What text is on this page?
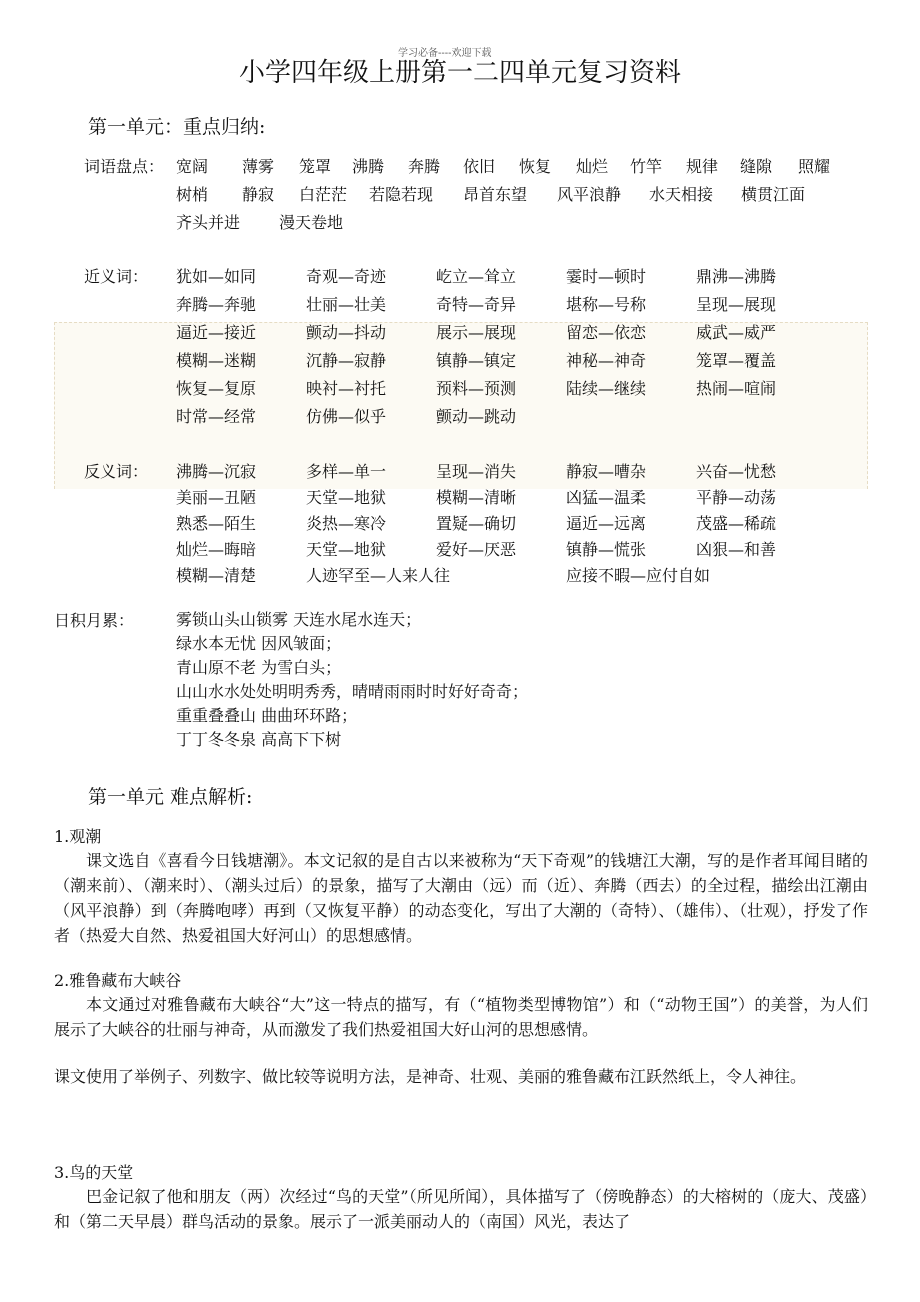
学习必备----欢迎下载
小学四年级上册第一二四单元复习资料
第一单元：重点归纳:
词语盘点： 宽阔	薄雾	笼罩	沸腾	奔腾	依旧	恢复	灿烂	竹竿	规律	缝隙	照耀
树梢	静寂	白茫茫	若隐若现	昂首东望	风平浪静	水天相接	横贯江面
齐头并进	漫天卷地
近义词： 犹如—如同	奇观—奇迹	屹立—耸立	霎时—顿时	鼎沸—沸腾
奔腾—奔驰	壮丽—壮美	奇特—奇异	堪称—号称	呈现—展现
逼近—接近	颤动—抖动	展示—展现	留恋—依恋	威武—威严
模糊—迷糊	沉静—寂静	镇静—镇定	神秘—神奇	笼罩—覆盖
恢复—复原	映衬—衬托	预料—预测	陆续—继续	热闹—喧闹
时常—经常	仿佛—似乎	颤动—跳动
反义词： 沸腾—沉寂	多样—单一	呈现—消失	静寂—嘈杂	兴奋—忧愁
美丽—丑陋	天堂—地狱	模糊—清晰	凶猛—温柔	平静—动荡
熟悉—陌生	炎热—寒冷	置疑—确切	逼近—远离	茂盛—稀疏
灿烂—晦暗	天堂—地狱	爱好—厌恶	镇静—慌张	凶狠—和善
模糊—清楚	人迹罕至—人来人往	应接不暇—应付自如
日积月累：	雾锁山头山锁雾 天连水尾水连天；
绿水本无忧 因风皱面；
青山原不老 为雪白头；
山山水水处处明明秀秀，晴晴雨雨时时好好奇奇；
重重叠叠山 曲曲环环路；
丁丁冬冬泉 高高下下树
第一单元 难点解析:
1.观潮
课文选自《喜看今日钱塘潮》。本文记叙的是自古以来被称为“天下奇观”的钱塘江大潮，写的是作者耳闻目睹的（潮来前）、（潮来时）、（潮头过后）的景象，描写了大潮由（远）而（近）、奔腾（西去）的全过程，描绘出江潮由（风平浪静）到（奔腾咆哮）再到（又恢复平静）的动态变化，写出了大潮的（奇特）、（雄伟）、（壮观），抒发了作者（热爱大自然、热爱祖国大好河山）的思想感情。
2.雅鲁藏布大峡谷
本文通过对雅鲁藏布大峡谷“大”这一特点的描写，有（“植物类型博物馆”）和（“动物王国”）的美誉，为人们展示了大峡谷的壮丽与神奇，从而激发了我们热爱祖国大好山河的思想感情。
课文使用了举例子、列数字、做比较等说明方法，是神奇、壮观、美丽的雅鲁藏布江跃然纸上，令人神往。
3.鸟的天堂
巴金记叙了他和朋友（两）次经过“鸟的天堂”（所见所闻），具体描写了（傍晚静态）的大榕树的（庞大、茂盛）和（第二天早晨）群鸟活动的景象。展示了一派美丽动人的（南国）风光，表达了
